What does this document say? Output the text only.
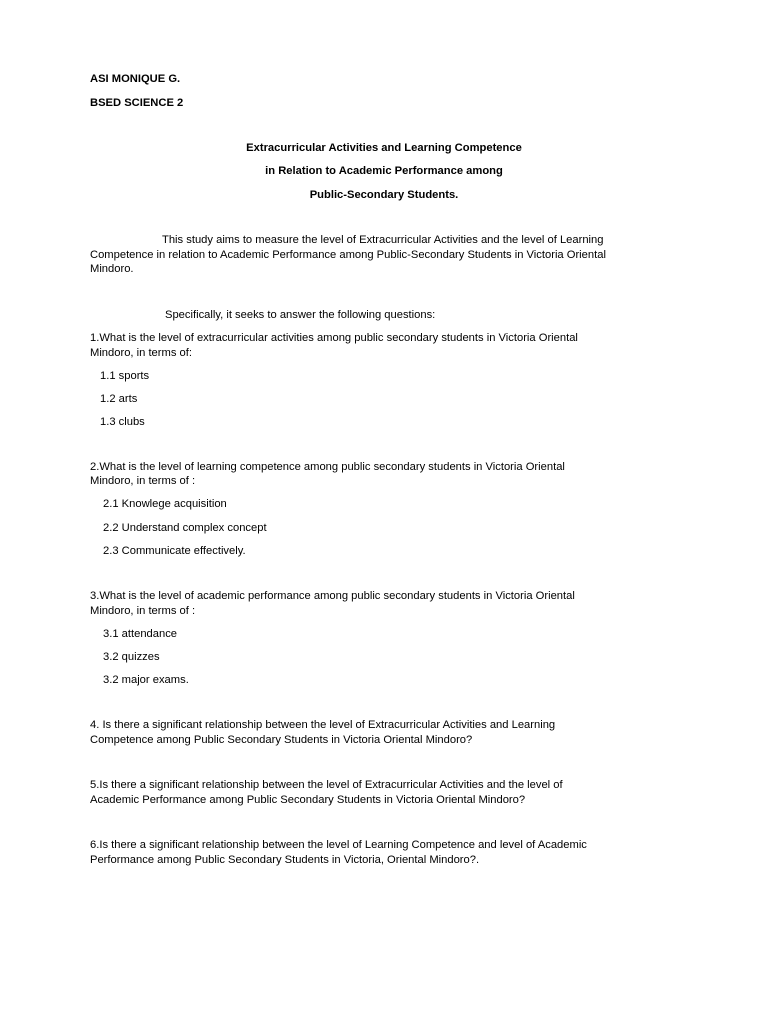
ASI MONIQUE G.
BSED SCIENCE 2
Extracurricular Activities and Learning Competence
in Relation to Academic Performance among
Public-Secondary Students.
This study aims to measure the level of Extracurricular Activities and the level of Learning
Competence in relation to Academic Performance among Public-Secondary Students in Victoria Oriental
Mindoro.
Specifically, it seeks to answer the following questions:
1.What is the level of extracurricular activities among public secondary students in Victoria Oriental
Mindoro, in terms of:
1.1 sports
1.2 arts
1.3 clubs
2.What is the level of learning competence among public secondary students in Victoria Oriental
Mindoro, in terms of :
2.1 Knowlege acquisition
2.2 Understand complex concept
2.3 Communicate effectively.
3.What is the level of academic performance among public secondary students in Victoria Oriental
Mindoro, in terms of :
3.1 attendance
3.2 quizzes
3.2 major exams.
4. Is there a significant relationship between the level of Extracurricular Activities and Learning
Competence among Public Secondary Students in Victoria Oriental Mindoro?
5.Is there a significant relationship between the level of Extracurricular Activities and the level of
Academic Performance among Public Secondary Students in Victoria Oriental Mindoro?
6.Is there a significant relationship between the level of Learning Competence and level of Academic
Performance among Public Secondary Students in Victoria, Oriental Mindoro?.
